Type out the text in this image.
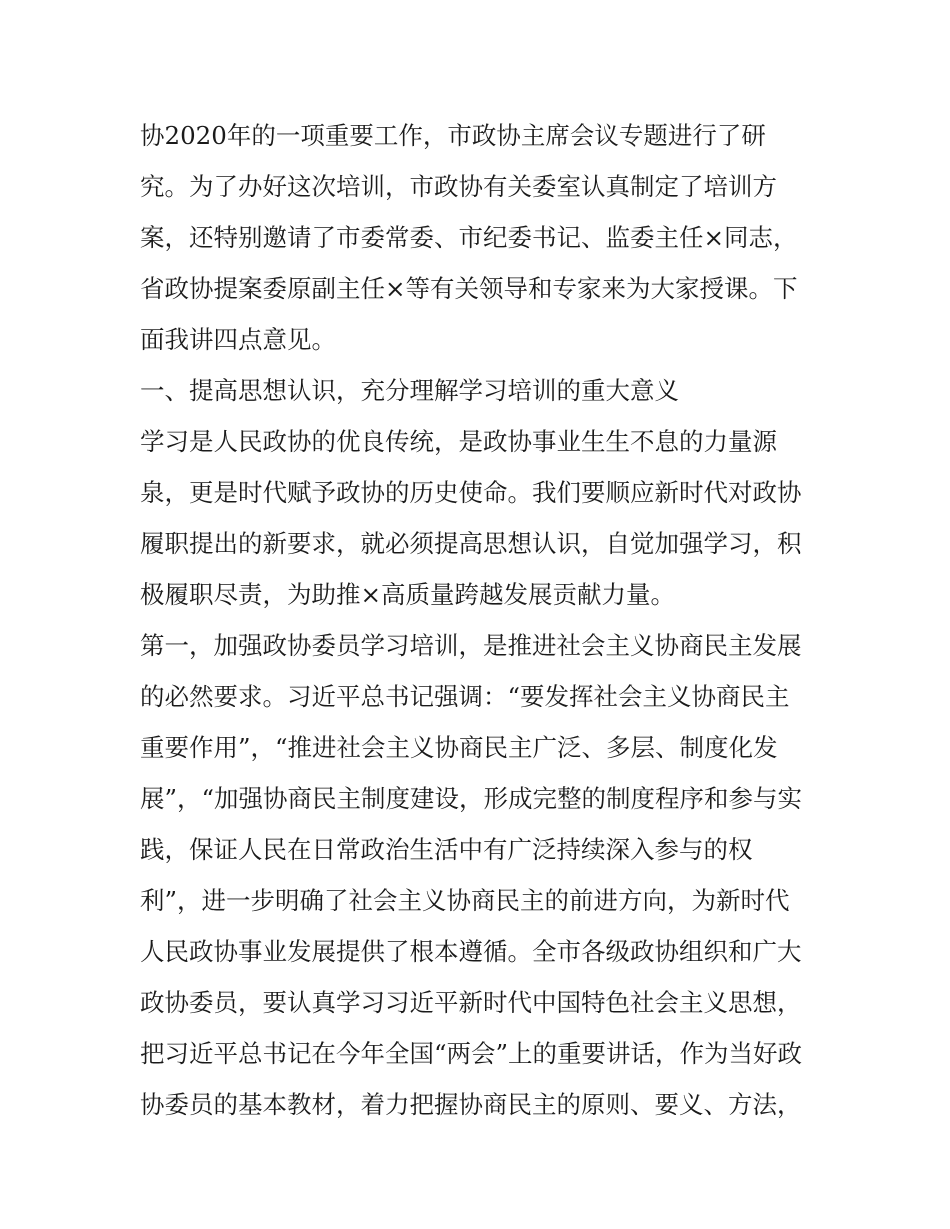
协2020年的一项重要工作，市政协主席会议专题进行了研
究。为了办好这次培训，市政协有关委室认真制定了培训方
案，还特别邀请了市委常委、市纪委书记、监委主任×同志，
省政协提案委原副主任×等有关领导和专家来为大家授课。下
面我讲四点意见。
一、提高思想认识，充分理解学习培训的重大意义
学习是人民政协的优良传统，是政协事业生生不息的力量源
泉，更是时代赋予政协的历史使命。我们要顺应新时代对政协
履职提出的新要求，就必须提高思想认识，自觉加强学习，积
极履职尽责，为助推×高质量跨越发展贡献力量。
第一，加强政协委员学习培训，是推进社会主义协商民主发展
的必然要求。习近平总书记强调：“要发挥社会主义协商民主
重要作用”，“推进社会主义协商民主广泛、多层、制度化发
展”，“加强协商民主制度建设，形成完整的制度程序和参与实
践，保证人民在日常政治生活中有广泛持续深入参与的权
利”，进一步明确了社会主义协商民主的前进方向，为新时代
人民政协事业发展提供了根本遵循。全市各级政协组织和广大
政协委员，要认真学习习近平新时代中国特色社会主义思想，
把习近平总书记在今年全国“两会”上的重要讲话，作为当好政
协委员的基本教材，着力把握协商民主的原则、要义、方法，
